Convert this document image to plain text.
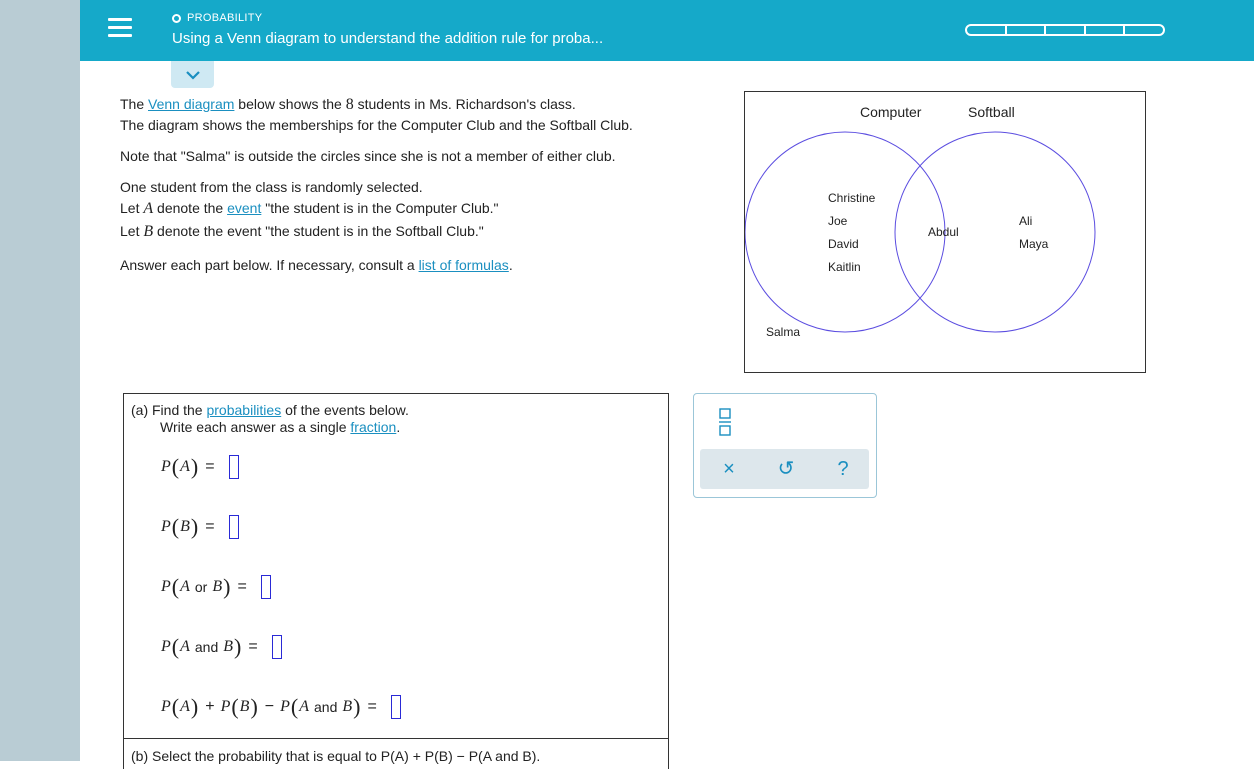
PROBABILITY
Using a Venn diagram to understand the addition rule for proba...

The Venn diagram below shows the 8 students in Ms. Richardson's class.

The diagram shows the memberships for the Computer Club and the Softball Club.

Note that "Salma" is outside the circles since she is not a member of either club.

One student from the class is randomly selected.

Let A denote the event "the student is in the Computer Club."

Let B denote the event "the student is in the Softball Club."

Answer each part below. If necessary, consult a list of formulas.

Computer	Softball
Christine
Joe
David
Kaitlin
Abdul
Ali
Maya
Salma
(a) Find the probabilities of the events below.
Write each answer as a single fraction.
P ( A ) =
P ( B ) =
P ( A or B ) =
P ( A and B ) =
P ( A ) + P ( B ) − P ( A and B ) =
(b) Select the probability that is equal to P(A) + P(B) − P(A and B).
×	↺	?
